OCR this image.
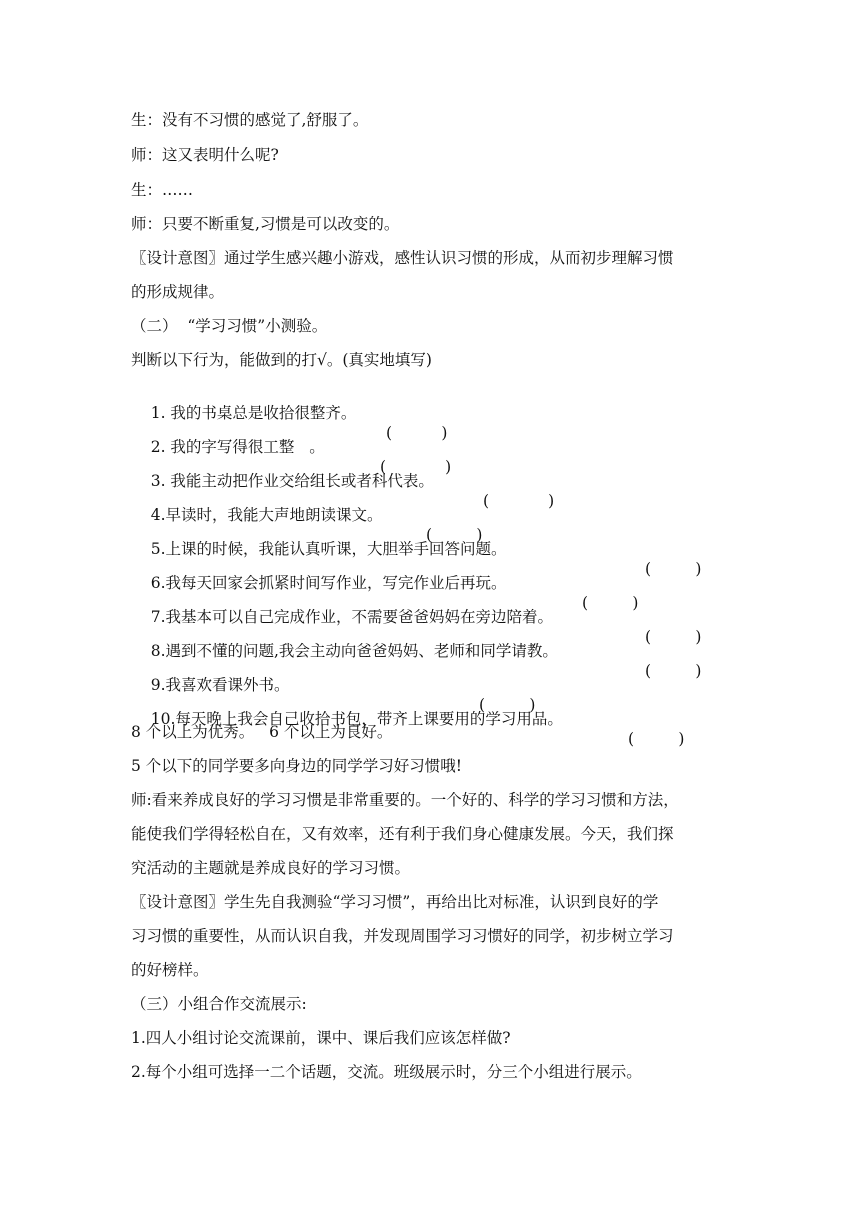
生：没有不习惯的感觉了,舒服了。
师：这又表明什么呢?
生：……
师：只要不断重复,习惯是可以改变的。
〖设计意图〗通过学生感兴趣小游戏，感性认识习惯的形成，从而初步理解习惯
的形成规律。
（二）  “学习习惯”小测验。
判断以下行为，能做到的打√。(真实地填写)

1. 我的书桌总是收拾很整齐。

(          )

2. 我的字写得很工整   。

(            )

3. 我能主动把作业交给组长或者科代表。

(            )

4.早读时，我能大声地朗读课文。

(         )

5.上课的时候，我能认真听课，大胆举手回答问题。

(         )

6.我每天回家会抓紧时间写作业，写完作业后再玩。

(         )

7.我基本可以自己完成作业，不需要爸爸妈妈在旁边陪着。

(         )

8.遇到不懂的问题,我会主动向爸爸妈妈、老师和同学请教。

(         )

9.我喜欢看课外书。

(         )

10.每天晚上我会自己收拾书包，带齐上课要用的学习用品。

(         )

8 个以上为优秀。   6 个以上为良好。
5 个以下的同学要多向身边的同学学习好习惯哦!
师:看来养成良好的学习习惯是非常重要的。一个好的、科学的学习习惯和方法，
能使我们学得轻松自在，又有效率，还有利于我们身心健康发展。今天，我们探
究活动的主题就是养成良好的学习习惯。
〖设计意图〗学生先自我测验“学习习惯”，再给出比对标准，认识到良好的学
习习惯的重要性，从而认识自我，并发现周围学习习惯好的同学，初步树立学习
的好榜样。
（三）小组合作交流展示:
1.四人小组讨论交流课前，课中、课后我们应该怎样做?
2.每个小组可选择一二个话题，交流。班级展示时，分三个小组进行展示。
